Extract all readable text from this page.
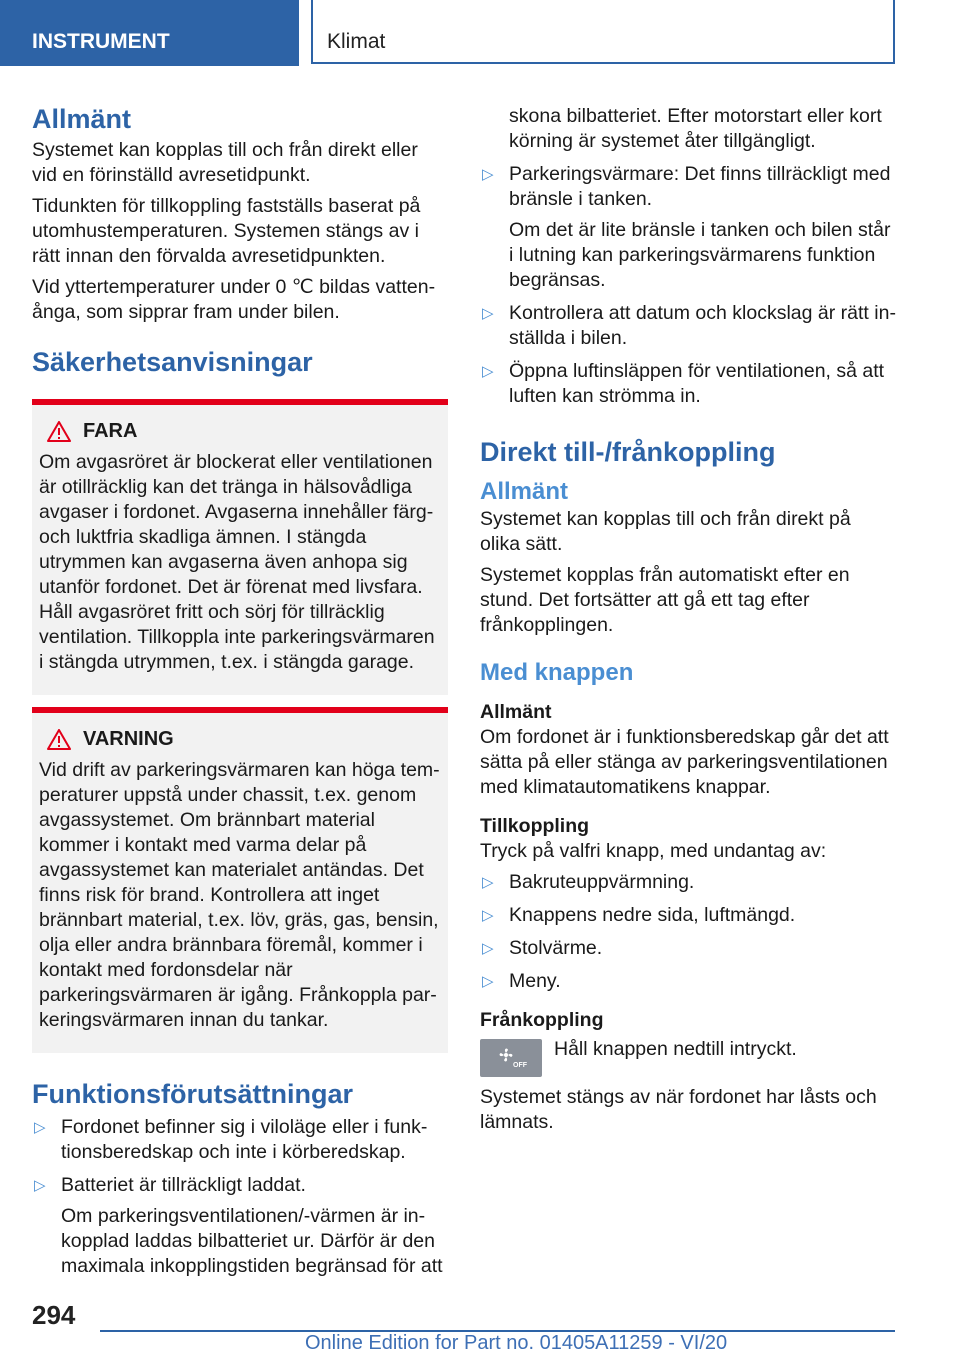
INSTRUMENT	Klimat
Allmänt

Systemet kan kopplas till och från direkt eller vid en förinställd avresetidpunkt.

Tidunkten för tillkoppling fastställs baserat på utomhustemperaturen. Systemen stängs av i rätt innan den förvalda avresetidpunkten.

Vid yttertemperaturer under 0 ℃ bildas vattenånga, som sipprar fram under bilen.

Säkerhetsanvisningar
FARA

Om avgasröret är blockerat eller ventilationen är otillräcklig kan det tränga in hälsovådliga avgaser i fordonet. Avgaserna innehåller färg- och luktfria skadliga ämnen. I stängda utrymmen kan avgaserna även anhopa sig utanför fordonet. Det är förenat med livsfara. Håll avgasröret fritt och sörj för tillräcklig ventilation. Tillkoppla inte parkeringsvärmaren i stängda utrymmen, t.ex. i stängda garage.

VARNING

Vid drift av parkeringsvärmaren kan höga temperaturer uppstå under chassit, t.ex. genom avgassystemet. Om brännbart material kommer i kontakt med varma delar på avgassystemet kan materialet antändas. Det finns risk för brand. Kontrollera att inget brännbart material, t.ex. löv, gräs, gas, bensin, olja eller andra brännbara föremål, kommer i kontakt med fordonsdelar när parkeringsvärmaren är igång. Frånkoppla parkeringsvärmaren innan du tankar.

Funktionsförutsättningar
▷ Fordonet befinner sig i viloläge eller i funktionsberedskap och inte i körberedskap.
▷ Batteriet är tillräckligt laddat.

Om parkeringsventilationen/-värmen är inkopplad laddas bilbatteriet ur. Därför är den maximala inkopplingstiden begränsad för att

skona bilbatteriet. Efter motorstart eller kort körning är systemet åter tillgängligt.
▷ Parkeringsvärmare: Det finns tillräckligt med bränsle i tanken.

Om det är lite bränsle i tanken och bilen står i lutning kan parkeringsvärmarens funktion begränsas.

▷ Kontrollera att datum och klockslag är rätt inställda i bilen.
▷ Öppna luftinsläppen för ventilationen, så att luften kan strömma in.
Direkt till-/frånkoppling
Allmänt

Systemet kan kopplas till och från direkt på olika sätt.

Systemet kopplas från automatiskt efter en stund. Det fortsätter att gå ett tag efter frånkopplingen.

Med knappen
Allmänt

Om fordonet är i funktionsberedskap går det att sätta på eller stänga av parkeringsventilationen med klimatautomatikens knappar.

Tillkoppling

Tryck på valfri knapp, med undantag av:

▷ Bakruteuppvärmning.
▷ Knappens nedre sida, luftmängd.
▷ Stolvärme.
▷ Meny.
Frånkoppling
OFF

Håll knappen nedtill intryckt.

Systemet stängs av när fordonet har låsts och lämnats.

294
Online Edition for Part no. 01405A11259 - VI/20
